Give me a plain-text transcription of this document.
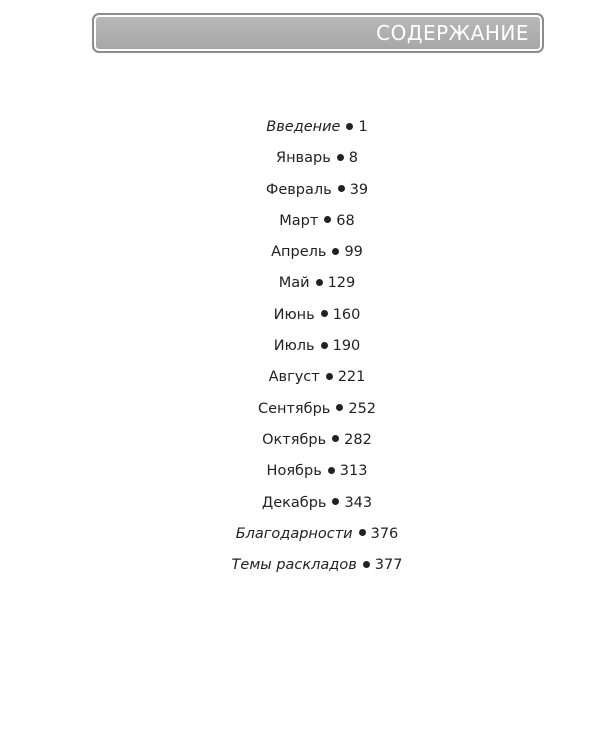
СОДЕРЖАНИЕ
Введение 1
Январь 8
Февраль 39
Март 68
Апрель 99
Май 129
Июнь 160
Июль 190
Август 221
Сентябрь 252
Октябрь 282
Ноябрь 313
Декабрь 343
Благодарности 376
Темы раскладов 377
